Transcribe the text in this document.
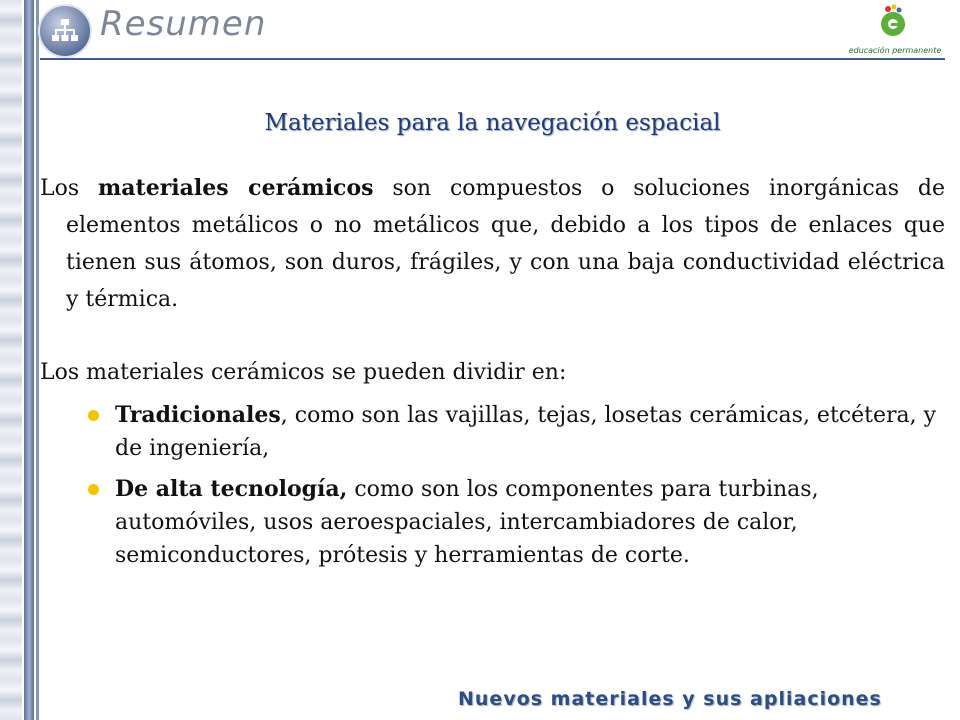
Resumen
educación permanente
Materiales para la navegación espacial

Los materiales cerámicos son compuestos o soluciones inorgánicas de elementos metálicos o no metálicos que, debido a los tipos de enlaces que tienen sus átomos, son duros, frágiles, y con una baja conductividad eléctrica y térmica.

Los materiales cerámicos se pueden dividir en:

Tradicionales, como son las vajillas, tejas, losetas cerámicas, etcétera, y de ingeniería,
De alta tecnología, como son los componentes para turbinas, automóviles, usos aeroespaciales, intercambiadores de calor, semiconductores, prótesis y herramientas de corte.
Nuevos materiales y sus apliaciones
